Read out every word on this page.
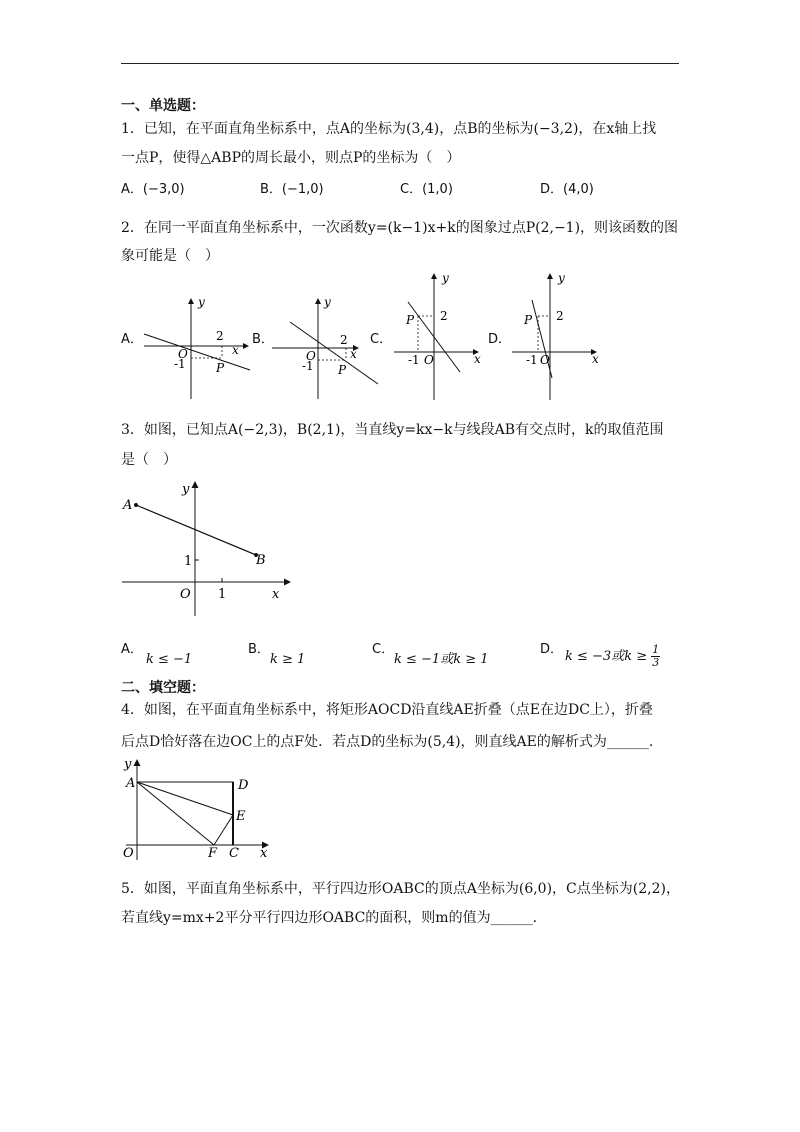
一、单选题：
1．已知，在平面直角坐标系中，点A的坐标为(3,4)，点B的坐标为(−3,2)，在x轴上找
一点P，使得△ABP的周长最小，则点P的坐标为（　）
A．(−3,0)	B．(−1,0)	C．(1,0)	D．(4,0)
2．在同一平面直角坐标系中，一次函数y=(k−1)x+k的图象过点P(2,−1)，则该函数的图
象可能是（　）
A．
y
x
O
2
-1	P
B．
y
x
O
2
-1 P
C．
y
x
O
2
-1
P
D．
y
x
O
2
-1
P
3．如图，已知点A(−2,3)，B(2,1)，当直线y=kx−k与线段AB有交点时，k的取值范围
是（　）
A
B
O 1
1
x
y
A．
k ≤ −1
B．
k ≥ 1
C．
k ≤ −1或k ≥ 1
D． k ≤ −3或$k \ge \frac{1}{3}$
二、填空题：
4．如图，在平面直角坐标系中，将矩形AOCD沿直线AE折叠（点E在边DC上），折叠
后点D恰好落在边OC上的点F处．若点D的坐标为(5,4)，则直线AE的解析式为______.
A	D
E
O	F C x
y
5．如图，平面直角坐标系中，平行四边形OABC的顶点A坐标为(6,0)，C点坐标为(2,2)，
若直线y=mx+2平分平行四边形OABC的面积，则m的值为______.
